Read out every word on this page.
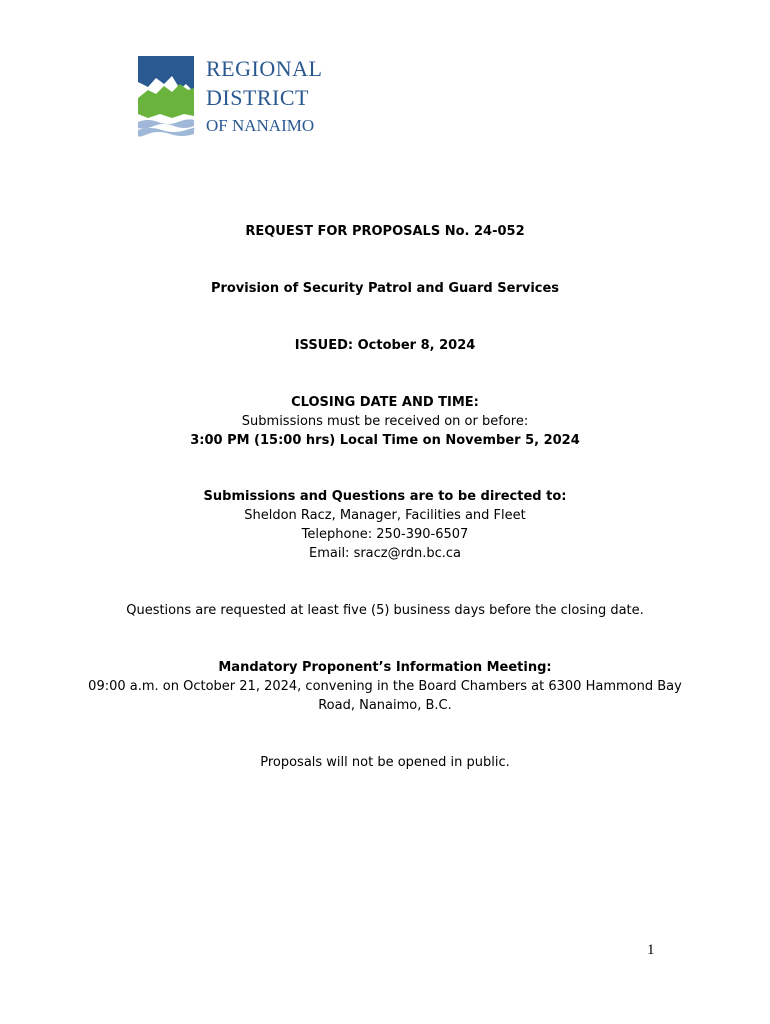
REGIONAL
DISTRICT
OF NANAIMO
REQUEST FOR PROPOSALS No. 24-052
Provision of Security Patrol and Guard Services
ISSUED: October 8, 2024
CLOSING DATE AND TIME:
Submissions must be received on or before:
3:00 PM (15:00 hrs) Local Time on November 5, 2024
Submissions and Questions are to be directed to:
Sheldon Racz, Manager, Facilities and Fleet
Telephone: 250-390-6507
Email: sracz@rdn.bc.ca
Questions are requested at least five (5) business days before the closing date.
Mandatory Proponent’s Information Meeting:
09:00 a.m. on October 21, 2024, convening in the Board Chambers at 6300 Hammond Bay
Road, Nanaimo, B.C.
Proposals will not be opened in public.
1
